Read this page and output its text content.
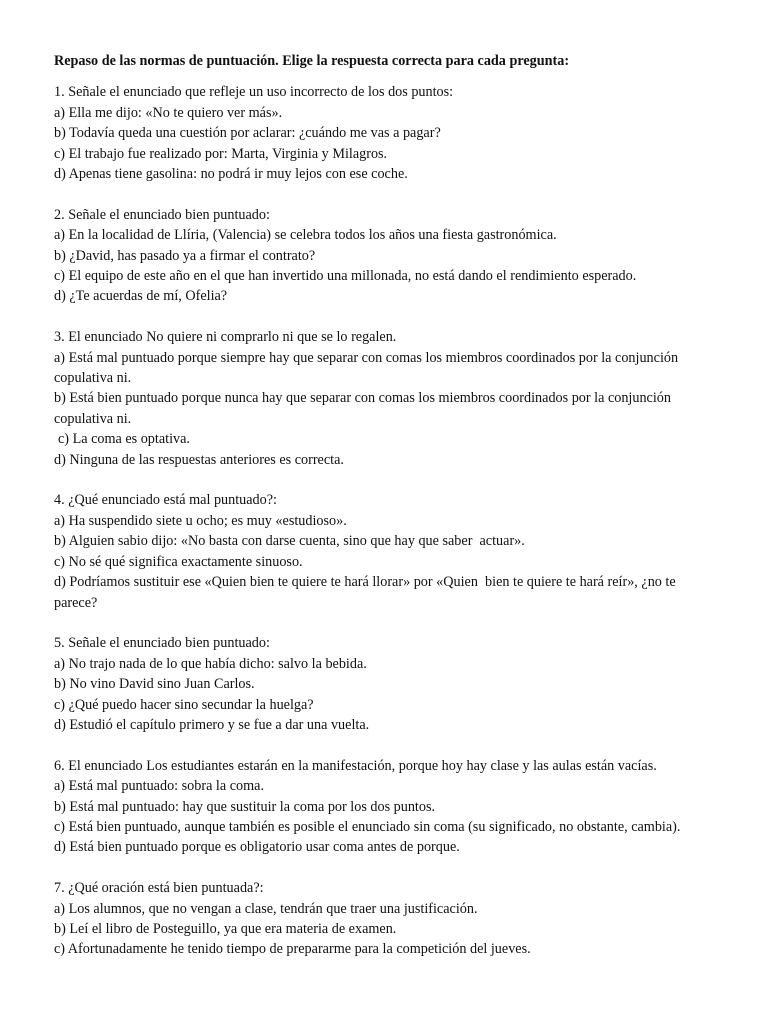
Repaso de las normas de puntuación. Elige la respuesta correcta para cada pregunta:
1. Señale el enunciado que refleje un uso incorrecto de los dos puntos:
a) Ella me dijo: «No te quiero ver más».
b) Todavía queda una cuestión por aclarar: ¿cuándo me vas a pagar?
c) El trabajo fue realizado por: Marta, Virginia y Milagros.
d) Apenas tiene gasolina: no podrá ir muy lejos con ese coche.
2. Señale el enunciado bien puntuado:
a) En la localidad de Llíria, (Valencia) se celebra todos los años una fiesta gastronómica.
b) ¿David, has pasado ya a firmar el contrato?
c) El equipo de este año en el que han invertido una millonada, no está dando el rendimiento esperado.
d) ¿Te acuerdas de mí, Ofelia?
3. El enunciado No quiere ni comprarlo ni que se lo regalen.
a) Está mal puntuado porque siempre hay que separar con comas los miembros coordinados por la conjunción
copulativa ni.
b) Está bien puntuado porque nunca hay que separar con comas los miembros coordinados por la conjunción
copulativa ni.
c) La coma es optativa.
d) Ninguna de las respuestas anteriores es correcta.
4. ¿Qué enunciado está mal puntuado?:
a) Ha suspendido siete u ocho; es muy «estudioso».
b) Alguien sabio dijo: «No basta con darse cuenta, sino que hay que saber  actuar».
c) No sé qué significa exactamente sinuoso.
d) Podríamos sustituir ese «Quien bien te quiere te hará llorar» por «Quien  bien te quiere te hará reír», ¿no te
parece?
5. Señale el enunciado bien puntuado:
a) No trajo nada de lo que había dicho: salvo la bebida.
b) No vino David sino Juan Carlos.
c) ¿Qué puedo hacer sino secundar la huelga?
d) Estudió el capítulo primero y se fue a dar una vuelta.
6. El enunciado Los estudiantes estarán en la manifestación, porque hoy hay clase y las aulas están vacías.
a) Está mal puntuado: sobra la coma.
b) Está mal puntuado: hay que sustituir la coma por los dos puntos.
c) Está bien puntuado, aunque también es posible el enunciado sin coma (su significado, no obstante, cambia).
d) Está bien puntuado porque es obligatorio usar coma antes de porque.
7. ¿Qué oración está bien puntuada?:
a) Los alumnos, que no vengan a clase, tendrán que traer una justificación.
b) Leí el libro de Posteguillo, ya que era materia de examen.
c) Afortunadamente he tenido tiempo de prepararme para la competición del jueves.
